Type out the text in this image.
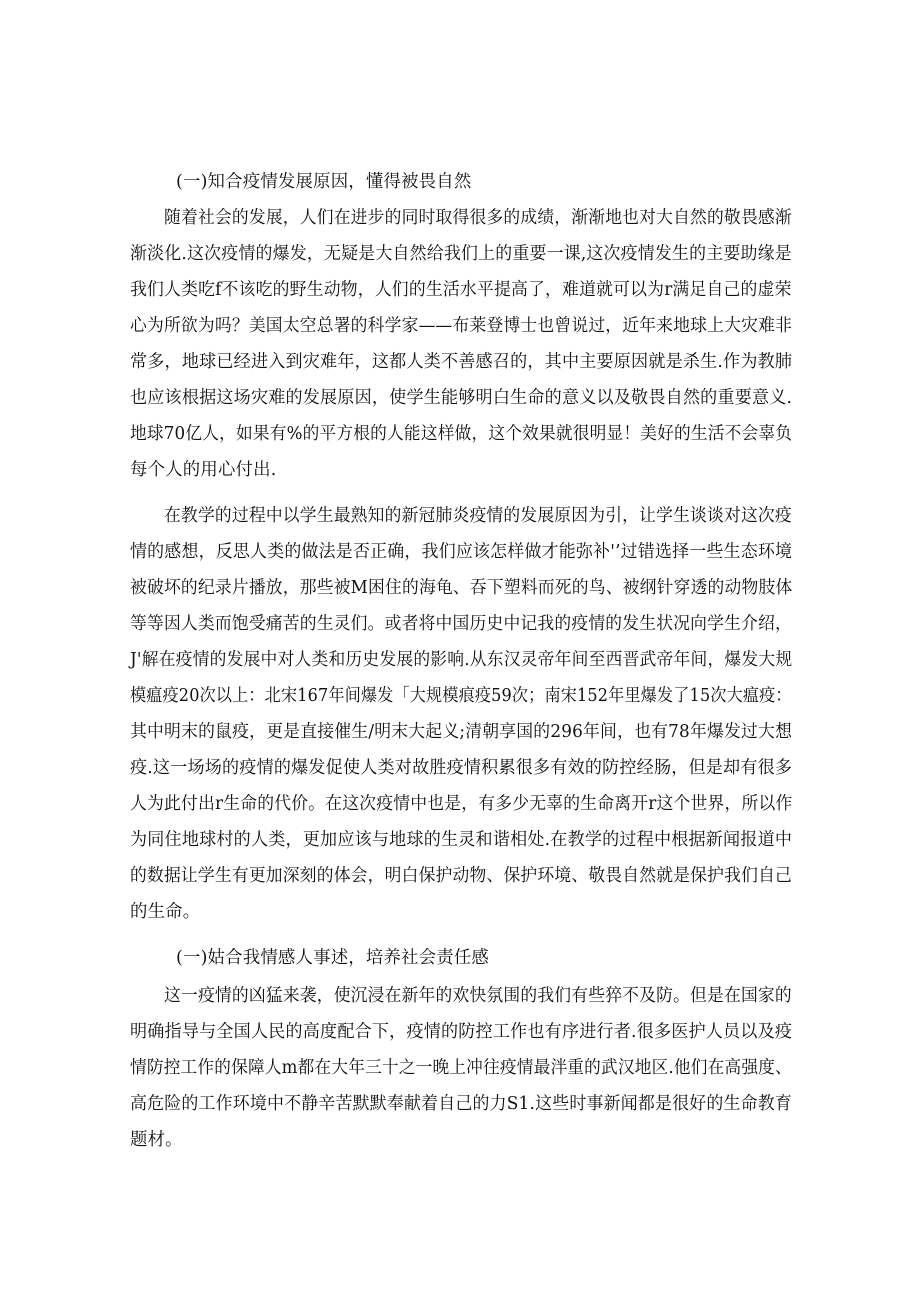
(一)知合疫情发展原因，懂得被畏自然

随着社会的发展，人们在进步的同时取得很多的成绩，渐渐地也对大自然的敬畏感渐

渐淡化.这次疫情的爆发，无疑是大自然给我们上的重要一课,这次疫情发生的主要助缘是

我们人类吃f不该吃的野生动物，人们的生活水平提高了，难道就可以为r满足自己的虚荣

心为所欲为吗？美国太空总署的科学家——布莱登博士也曾说过，近年来地球上大灾难非

常多，地球已经进入到灾难年，这都人类不善感召的，其中主要原因就是杀生.作为教肺

也应该根据这场灾难的发展原因，使学生能够明白生命的意义以及敬畏自然的重要意义.

地球70亿人，如果有%的平方根的人能这样做，这个效果就很明显！美好的生活不会辜负

每个人的用心付出.

在教学的过程中以学生最熟知的新冠肺炎疫情的发展原因为引，让学生谈谈对这次疫

情的感想，反思人类的做法是否正确，我们应该怎样做才能弥补'’过错选择一些生态环境

被破坏的纪录片播放，那些被M困住的海龟、吞下塑料而死的鸟、被纲针穿透的动物肢体

等等因人类而饱受痛苦的生灵们。或者将中国历史中记我的疫情的发生状况向学生介绍，

J'解在疫情的发展中对人类和历史发展的影响.从东汉灵帝年间至西晋武帝年间，爆发大规

模瘟疫20次以上：北宋167年间爆发「大规模痕疫59次；南宋152年里爆发了15次大瘟疫：

其中明末的鼠疫，更是直接催生/明末大起义;清朝享国的296年间，也有78年爆发过大想

疫.这一场场的疫情的爆发促使人类对故胜疫情积累很多有效的防控经肠，但是却有很多

人为此付出r生命的代价。在这次疫情中也是，有多少无辜的生命离开r这个世界，所以作

为同住地球村的人类，更加应该与地球的生灵和谐相处.在教学的过程中根据新闻报道中

的数据让学生有更加深刻的体会，明白保护动物、保护环境、敬畏自然就是保护我们自己

的生命。

(一)姑合我情感人事述，培养社会责任感

这一疫情的凶猛来袭，使沉浸在新年的欢快氛围的我们有些猝不及防。但是在国家的

明确指导与全国人民的高度配合下，疫情的防控工作也有序进行者.很多医护人员以及疫

情防控工作的保障人m都在大年三十之一晚上冲往疫情最泮重的武汉地区.他们在高强度、

高危险的工作环境中不静辛苦默默奉献着自己的力S1.这些时事新闻都是很好的生命教育

题材。
